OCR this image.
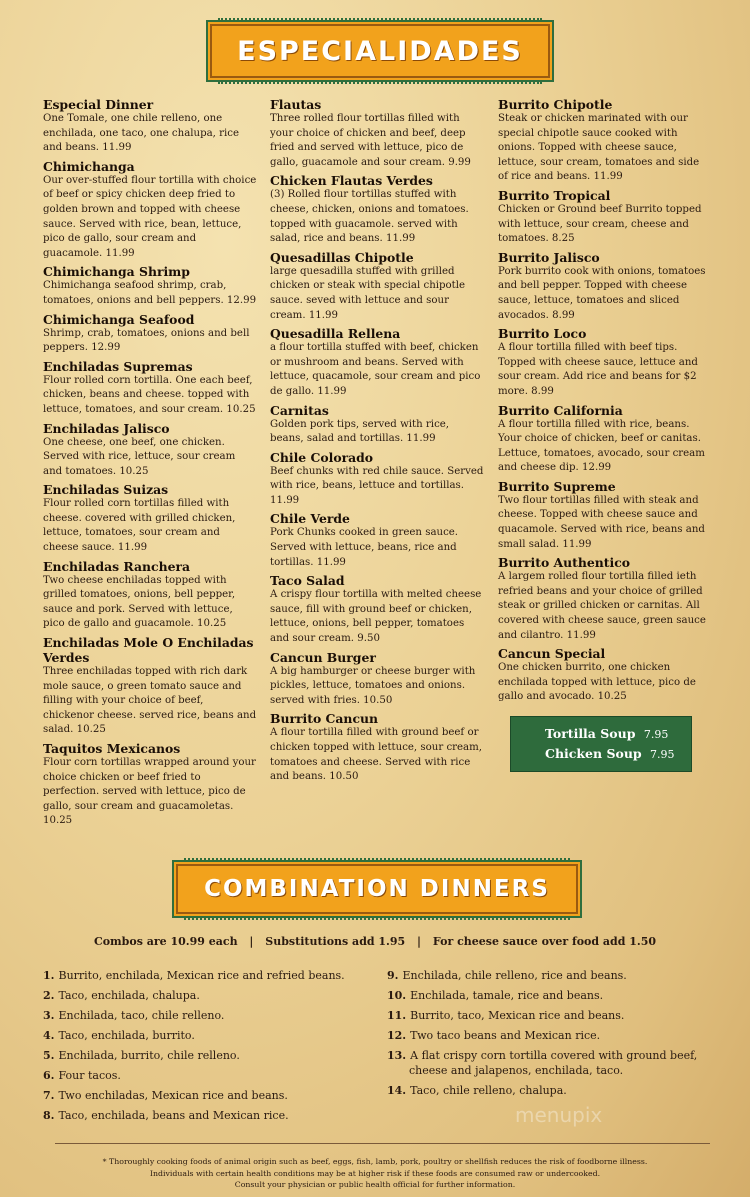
ESPECIALIDADES
Especial Dinner
One Tomale, one chile relleno, one enchilada, one taco, one chalupa, rice and beans. 11.99
Chimichanga
Our over-stuffed flour tortilla with choice of beef or spicy chicken deep fried to golden brown and topped with cheese sauce. Served with rice, bean, lettuce, pico de gallo, sour cream and guacamole. 11.99
Chimichanga Shrimp
Chimichanga seafood shrimp, crab, tomatoes, onions and bell peppers. 12.99
Chimichanga Seafood
Shrimp, crab, tomatoes, onions and bell peppers. 12.99
Enchiladas Supremas
Flour rolled corn tortilla. One each beef, chicken, beans and cheese. topped with lettuce, tomatoes, and sour cream. 10.25
Enchiladas Jalisco
One cheese, one beef, one chicken. Served with rice, lettuce, sour cream and tomatoes. 10.25
Enchiladas Suizas
Flour rolled corn tortillas filled with cheese. covered with grilled chicken, lettuce, tomatoes, sour cream and cheese sauce. 11.99
Enchiladas Ranchera
Two cheese enchiladas topped with grilled tomatoes, onions, bell pepper, sauce and pork. Served with lettuce, pico de gallo and guacamole. 10.25
Enchiladas Mole O Enchiladas Verdes
Three enchiladas topped with rich dark mole sauce, o green tomato sauce and filling with your choice of beef, chickenor cheese. served rice, beans and salad. 10.25
Taquitos Mexicanos
Flour corn tortillas wrapped around your choice chicken or beef fried to perfection. served with lettuce, pico de gallo, sour cream and guacamoletas. 10.25
Flautas
Three rolled flour tortillas filled with your choice of chicken and beef, deep fried and served with lettuce, pico de gallo, guacamole and sour cream. 9.99
Chicken Flautas Verdes
(3) Rolled flour tortillas stuffed with cheese, chicken, onions and tomatoes. topped with guacamole. served with salad, rice and beans. 11.99
Quesadillas Chipotle
large quesadilla stuffed with grilled chicken or steak with special chipotle sauce. seved with lettuce and sour cream. 11.99
Quesadilla Rellena
a flour tortilla stuffed with beef, chicken or mushroom and beans. Served with lettuce, quacamole, sour cream and pico de gallo. 11.99
Carnitas
Golden pork tips, served with rice, beans, salad and tortillas. 11.99
Chile Colorado
Beef chunks with red chile sauce. Served with rice, beans, lettuce and tortillas. 11.99
Chile Verde
Pork Chunks cooked in green sauce. Served with lettuce, beans, rice and tortillas. 11.99
Taco Salad
A crispy flour tortilla with melted cheese sauce, fill with ground beef or chicken, lettuce, onions, bell pepper, tomatoes and sour cream. 9.50
Cancun Burger
A big hamburger or cheese burger with pickles, lettuce, tomatoes and onions. served with fries. 10.50
Burrito Cancun
A flour tortilla filled with ground beef or chicken topped with lettuce, sour cream, tomatoes and cheese. Served with rice and beans. 10.50
Burrito Chipotle
Steak or chicken marinated with our special chipotle sauce cooked with onions. Topped with cheese sauce, lettuce, sour cream, tomatoes and side of rice and beans. 11.99
Burrito Tropical
Chicken or Ground beef Burrito topped with lettuce, sour cream, cheese and tomatoes. 8.25
Burrito Jalisco
Pork burrito cook with onions, tomatoes and bell pepper. Topped with cheese sauce, lettuce, tomatoes and sliced avocados. 8.99
Burrito Loco
A flour tortilla filled with beef tips. Topped with cheese sauce, lettuce and sour cream. Add rice and beans for $2 more. 8.99
Burrito California
A flour tortilla filled with rice, beans. Your choice of chicken, beef or canitas. Lettuce, tomatoes, avocado, sour cream and cheese dip. 12.99
Burrito Supreme
Two flour tortillas filled with steak and cheese. Topped with cheese sauce and quacamole. Served with rice, beans and small salad. 11.99
Burrito Authentico
A largem rolled flour tortilla filled ieth refried beans and your choice of grilled steak or grilled chicken or carnitas. All covered with cheese sauce, green sauce and cilantro. 11.99
Cancun Special
One chicken burrito, one chicken enchilada topped with lettuce, pico de gallo and avocado. 10.25
Tortilla Soup 7.95
Chicken Soup 7.95
COMBINATION DINNERS
Combos are 10.99 each | Substitutions add 1.95 | For cheese sauce over food add 1.50
1. Burrito, enchilada, Mexican rice and refried beans.
2. Taco, enchilada, chalupa.
3. Enchilada, taco, chile relleno.
4. Taco, enchilada, burrito.
5. Enchilada, burrito, chile relleno.
6. Four tacos.
7. Two enchiladas, Mexican rice and beans.
8. Taco, enchilada, beans and Mexican rice.
9. Enchilada, chile relleno, rice and beans.
10. Enchilada, tamale, rice and beans.
11. Burrito, taco, Mexican rice and beans.
12. Two taco beans and Mexican rice.
13. A flat crispy corn tortilla covered with ground beef,
cheese and jalapenos, enchilada, taco.
14. Taco, chile relleno, chalupa.
menupix
* Thoroughly cooking foods of animal origin such as beef, eggs, fish, lamb, pork, poultry or shellfish reduces the risk of foodborne illness.
Individuals with certain health conditions may be at higher risk if these foods are consumed raw or undercooked.
Consult your physician or public health official for further information.
